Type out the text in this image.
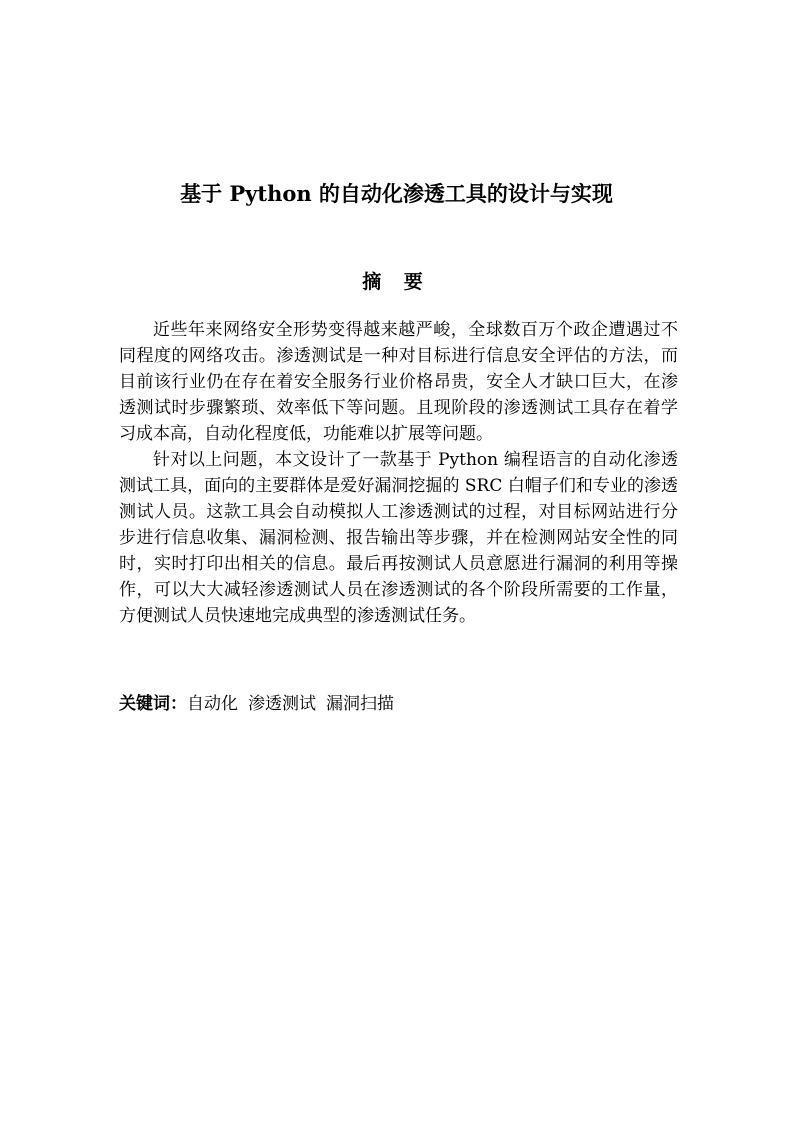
基于 Python 的自动化渗透工具的设计与实现
摘 要

近些年来网络安全形势变得越来越严峻，全球数百万个政企遭遇过不同程度的网络攻击。渗透测试是一种对目标进行信息安全评估的方法，而目前该行业仍在存在着安全服务行业价格昂贵，安全人才缺口巨大，在渗透测试时步骤繁琐、效率低下等问题。且现阶段的渗透测试工具存在着学习成本高，自动化程度低，功能难以扩展等问题。

针对以上问题，本文设计了一款基于 Python 编程语言的自动化渗透测试工具，面向的主要群体是爱好漏洞挖掘的 SRC 白帽子们和专业的渗透测试人员。这款工具会自动模拟人工渗透测试的过程，对目标网站进行分步进行信息收集、漏洞检测、报告输出等步骤，并在检测网站安全性的同时，实时打印出相关的信息。最后再按测试人员意愿进行漏洞的利用等操作，可以大大减轻渗透测试人员在渗透测试的各个阶段所需要的工作量，方便测试人员快速地完成典型的渗透测试任务。

关键词：自动化 渗透测试 漏洞扫描
